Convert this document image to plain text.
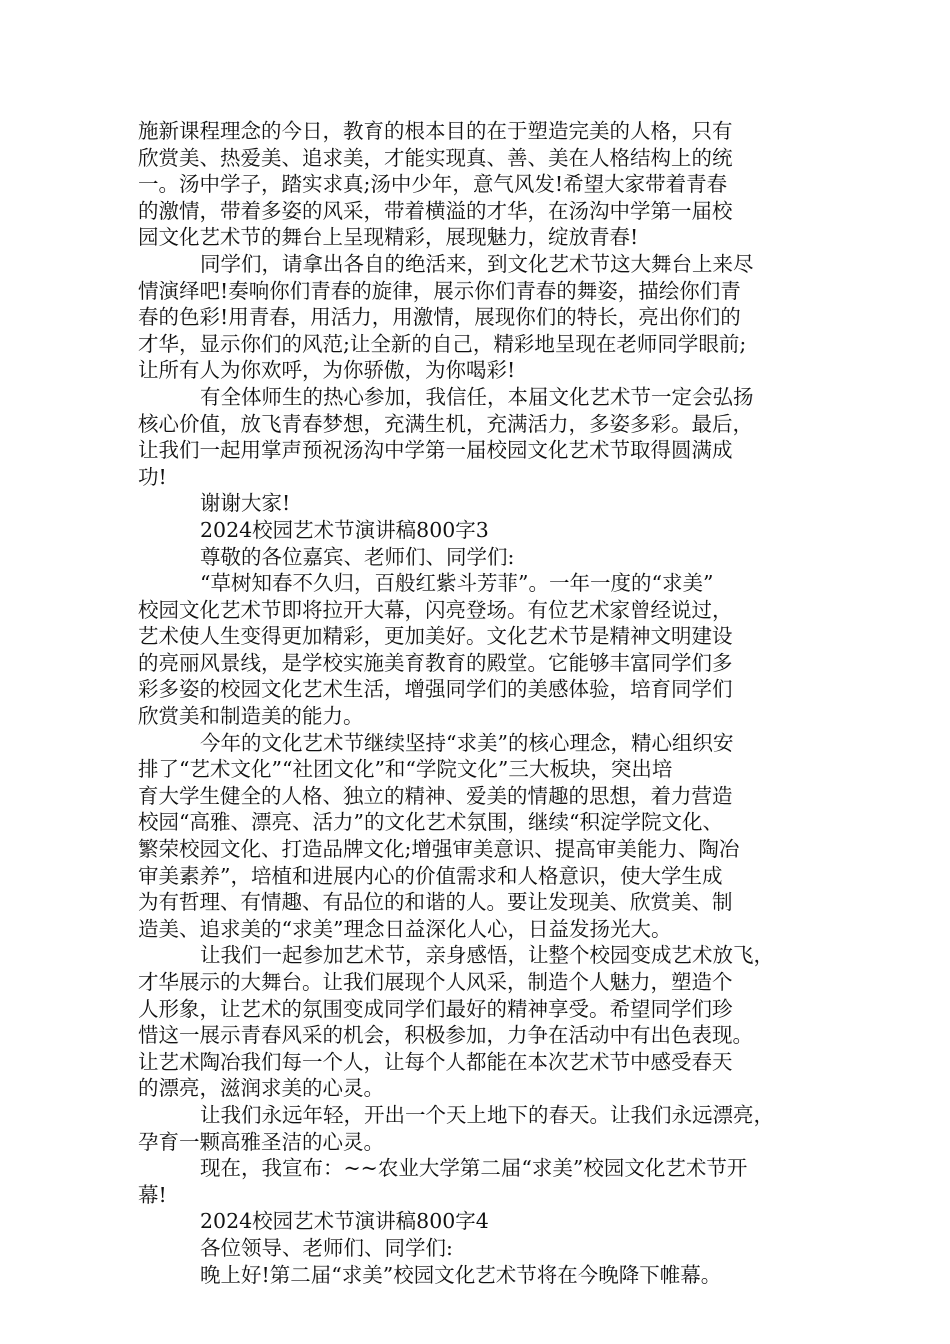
施新课程理念的今日，教育的根本目的在于塑造完美的人格，只有
欣赏美、热爱美、追求美，才能实现真、善、美在人格结构上的统
一。汤中学子，踏实求真;汤中少年，意气风发!希望大家带着青春
的激情，带着多姿的风采，带着横溢的才华，在汤沟中学第一届校
园文化艺术节的舞台上呈现精彩，展现魅力，绽放青春!
同学们，请拿出各自的绝活来，到文化艺术节这大舞台上来尽
情演绎吧!奏响你们青春的旋律，展示你们青春的舞姿，描绘你们青
春的色彩!用青春，用活力，用激情，展现你们的特长，亮出你们的
才华，显示你们的风范;让全新的自己，精彩地呈现在老师同学眼前;
让所有人为你欢呼，为你骄傲，为你喝彩!
有全体师生的热心参加，我信任，本届文化艺术节一定会弘扬
核心价值，放飞青春梦想，充满生机，充满活力，多姿多彩。最后，
让我们一起用掌声预祝汤沟中学第一届校园文化艺术节取得圆满成
功!
谢谢大家!
2024校园艺术节演讲稿800字3
尊敬的各位嘉宾、老师们、同学们:
“草树知春不久归，百般红紫斗芳菲”。一年一度的“求美”
校园文化艺术节即将拉开大幕，闪亮登场。有位艺术家曾经说过，
艺术使人生变得更加精彩，更加美好。文化艺术节是精神文明建设
的亮丽风景线，是学校实施美育教育的殿堂。它能够丰富同学们多
彩多姿的校园文化艺术生活，增强同学们的美感体验，培育同学们
欣赏美和制造美的能力。
今年的文化艺术节继续坚持“求美”的核心理念，精心组织安
排了“艺术文化”“社团文化”和“学院文化”三大板块，突出培
育大学生健全的人格、独立的精神、爱美的情趣的思想，着力营造
校园“高雅、漂亮、活力”的文化艺术氛围，继续“积淀学院文化、
繁荣校园文化、打造品牌文化;增强审美意识、提高审美能力、陶冶
审美素养”，培植和进展内心的价值需求和人格意识，使大学生成
为有哲理、有情趣、有品位的和谐的人。要让发现美、欣赏美、制
造美、追求美的“求美”理念日益深化人心，日益发扬光大。
让我们一起参加艺术节，亲身感悟，让整个校园变成艺术放飞，
才华展示的大舞台。让我们展现个人风采，制造个人魅力，塑造个
人形象，让艺术的氛围变成同学们最好的精神享受。希望同学们珍
惜这一展示青春风采的机会，积极参加，力争在活动中有出色表现。
让艺术陶冶我们每一个人，让每个人都能在本次艺术节中感受春天
的漂亮，滋润求美的心灵。
让我们永远年轻，开出一个天上地下的春天。让我们永远漂亮，
孕育一颗高雅圣洁的心灵。
现在，我宣布：~~农业大学第二届“求美”校园文化艺术节开
幕!
2024校园艺术节演讲稿800字4
各位领导、老师们、同学们:
晚上好!第二届“求美”校园文化艺术节将在今晚降下帷幕。
